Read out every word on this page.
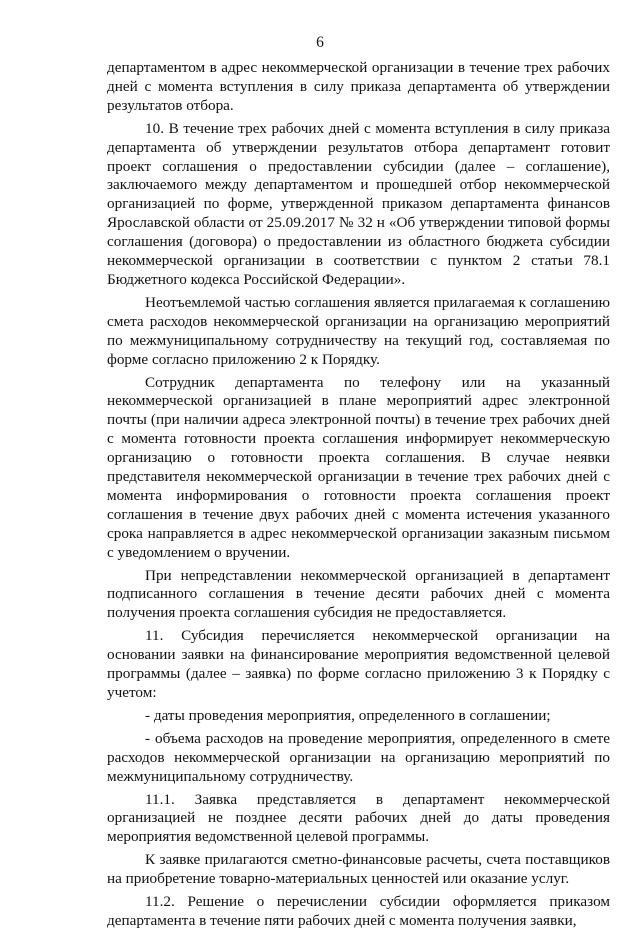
6

департаментом в адрес некоммерческой организации в течение трех рабочих дней с момента вступления в силу приказа департамента об утверждении результатов отбора.

10. В течение трех рабочих дней с момента вступления в силу приказа департамента об утверждении результатов отбора департамент готовит проект соглашения о предоставлении субсидии (далее – соглашение), заключаемого между департаментом и прошедшей отбор некоммерческой организацией по форме, утвержденной приказом департамента финансов Ярославской области от 25.09.2017 № 32 н «Об утверждении типовой формы соглашения (договора) о предоставлении из областного бюджета субсидии некоммерческой организации в соответствии с пунктом 2 статьи 78.1 Бюджетного кодекса Российской Федерации».

Неотъемлемой частью соглашения является прилагаемая к соглашению смета расходов некоммерческой организации на организацию мероприятий по межмуниципальному сотрудничеству на текущий год, составляемая по форме согласно приложению 2 к Порядку.

Сотрудник департамента по телефону или на указанный некоммерческой организацией в плане мероприятий адрес электронной почты (при наличии адреса электронной почты) в течение трех рабочих дней с момента готовности проекта соглашения информирует некоммерческую организацию о готовности проекта соглашения. В случае неявки представителя некоммерческой организации в течение трех рабочих дней с момента информирования о готовности проекта соглашения проект соглашения в течение двух рабочих дней с момента истечения указанного срока направляется в адрес некоммерческой организации заказным письмом с уведомлением о вручении.

При непредставлении некоммерческой организацией в департамент подписанного соглашения в течение десяти рабочих дней с момента получения проекта соглашения субсидия не предоставляется.

11. Субсидия перечисляется некоммерческой организации на основании заявки на финансирование мероприятия ведомственной целевой программы (далее – заявка) по форме согласно приложению 3 к Порядку с учетом:

- даты проведения мероприятия, определенного в соглашении;

- объема расходов на проведение мероприятия, определенного в смете расходов некоммерческой организации на организацию мероприятий по межмуниципальному сотрудничеству.

11.1. Заявка представляется в департамент некоммерческой организацией не позднее десяти рабочих дней до даты проведения мероприятия ведомственной целевой программы.

К заявке прилагаются сметно-финансовые расчеты, счета поставщиков на приобретение товарно-материальных ценностей или оказание услуг.

11.2. Решение о перечислении субсидии оформляется приказом департамента в течение пяти рабочих дней с момента получения заявки,
